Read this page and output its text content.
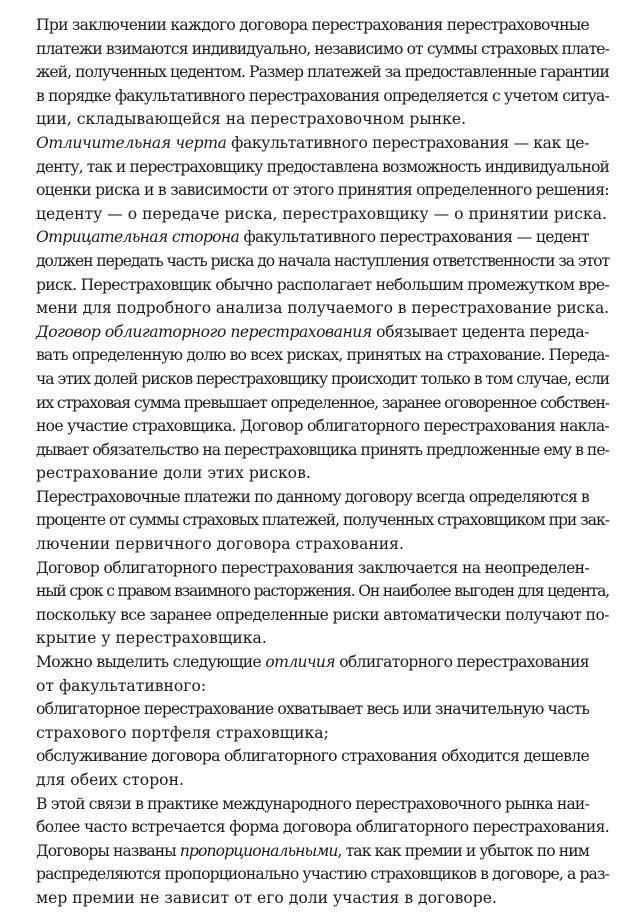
При заключении каждого договора перестрахования перестраховочные
платежи взимаются индивидуально, независимо от суммы страховых плате-
жей, полученных цедентом. Размер платежей за предоставленные гарантии
в порядке факультативного перестрахования определяется с учетом ситуа-
ции, складывающейся на перестраховочном рынке.

Отличительная черта факультативного перестрахования — как це-
денту, так и перестраховщику предоставлена возможность индивидуальной
оценки риска и в зависимости от этого принятия определенного решения:
цеденту — о передаче риска, перестраховщику — о принятии риска.

Отрицательная сторона факультативного перестрахования — цедент
должен передать часть риска до начала наступления ответственности за этот
риск. Перестраховщик обычно располагает небольшим промежутком вре-
мени для подробного анализа получаемого в перестрахование риска.

Договор облигаторного перестрахования обязывает цедента переда-
вать определенную долю во всех рисках, принятых на страхование. Переда-
ча этих долей рисков перестраховщику происходит только в том случае, если
их страховая сумма превышает определенное, заранее оговоренное собствен-
ное участие страховщика. Договор облигаторного перестрахования накла-
дывает обязательство на перестраховщика принять предложенные ему в пе-
рестрахование доли этих рисков.

Перестраховочные платежи по данному договору всегда определяются в
проценте от суммы страховых платежей, полученных страховщиком при зак-
лючении первичного договора страхования.

Договор облигаторного перестрахования заключается на неопределен-
ный срок с правом взаимного расторжения. Он наиболее выгоден для цедента,
поскольку все заранее определенные риски автоматически получают по-
крытие у перестраховщика.

Можно выделить следующие отличия облигаторного перестрахования
от факультативного:

облигаторное перестрахование охватывает весь или значительную часть
страхового портфеля страховщика;

обслуживание договора облигаторного страхования обходится дешевле
для обеих сторон.

В этой связи в практике международного перестраховочного рынка наи-
более часто встречается форма договора облигаторного перестрахования.

Договоры названы пропорциональными, так как премии и убыток по ним
распределяются пропорционально участию страховщиков в договоре, а раз-
мер премии не зависит от его доли участия в договоре.
